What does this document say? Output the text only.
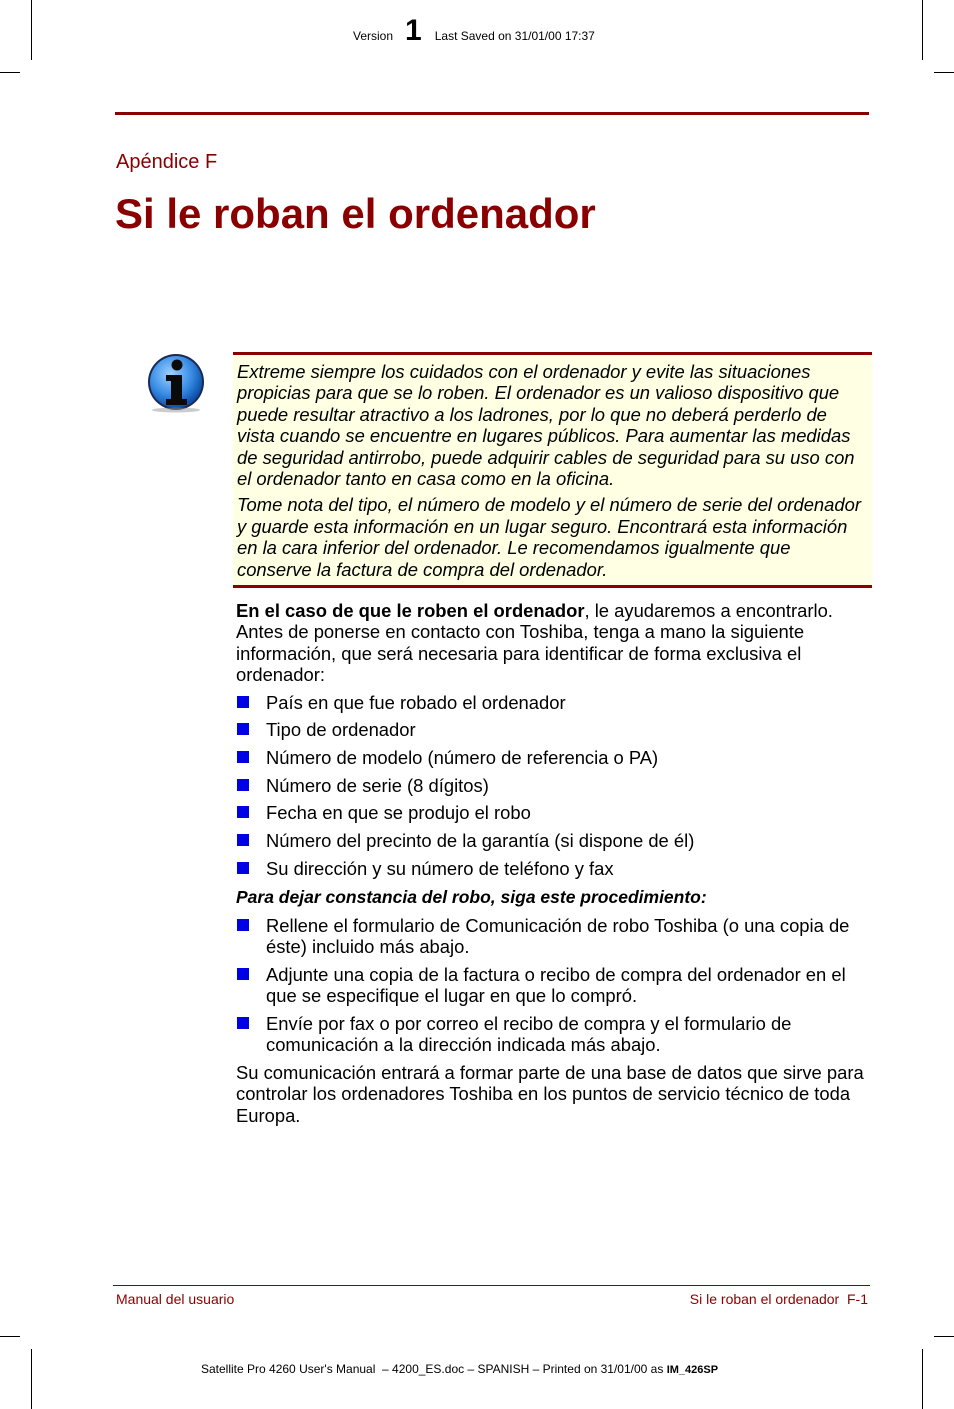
Version 1 Last Saved on 31/01/00 17:37
Apéndice F
Si le roban el ordenador

Extreme siempre los cuidados con el ordenador y evite las situaciones propicias para que se lo roben. El ordenador es un valioso dispositivo que puede resultar atractivo a los ladrones, por lo que no deberá perderlo de vista cuando se encuentre en lugares públicos. Para aumentar las medidas de seguridad antirrobo, puede adquirir cables de seguridad para su uso con el ordenador tanto en casa como en la oficina.

Tome nota del tipo, el número de modelo y el número de serie del ordenador y guarde esta información en un lugar seguro. Encontrará esta información en la cara inferior del ordenador. Le recomendamos igualmente que conserve la factura de compra del ordenador.

En el caso de que le roben el ordenador, le ayudaremos a encontrarlo. Antes de ponerse en contacto con Toshiba, tenga a mano la siguiente información, que será necesaria para identificar de forma exclusiva el ordenador:

País en que fue robado el ordenador
Tipo de ordenador
Número de modelo (número de referencia o PA)
Número de serie (8 dígitos)
Fecha en que se produjo el robo
Número del precinto de la garantía (si dispone de él)
Su dirección y su número de teléfono y fax

Para dejar constancia del robo, siga este procedimiento:

Rellene el formulario de Comunicación de robo Toshiba (o una copia de éste) incluido más abajo.
Adjunte una copia de la factura o recibo de compra del ordenador en el que se especifique el lugar en que lo compró.
Envíe por fax o por correo el recibo de compra y el formulario de comunicación a la dirección indicada más abajo.

Su comunicación entrará a formar parte de una base de datos que sirve para controlar los ordenadores Toshiba en los puntos de servicio técnico de toda Europa.

Manual del usuario	Si le roban el ordenador  F-1
Satellite Pro 4260 User's Manual  – 4200_ES.doc – SPANISH – Printed on 31/01/00 as IM_426SP
